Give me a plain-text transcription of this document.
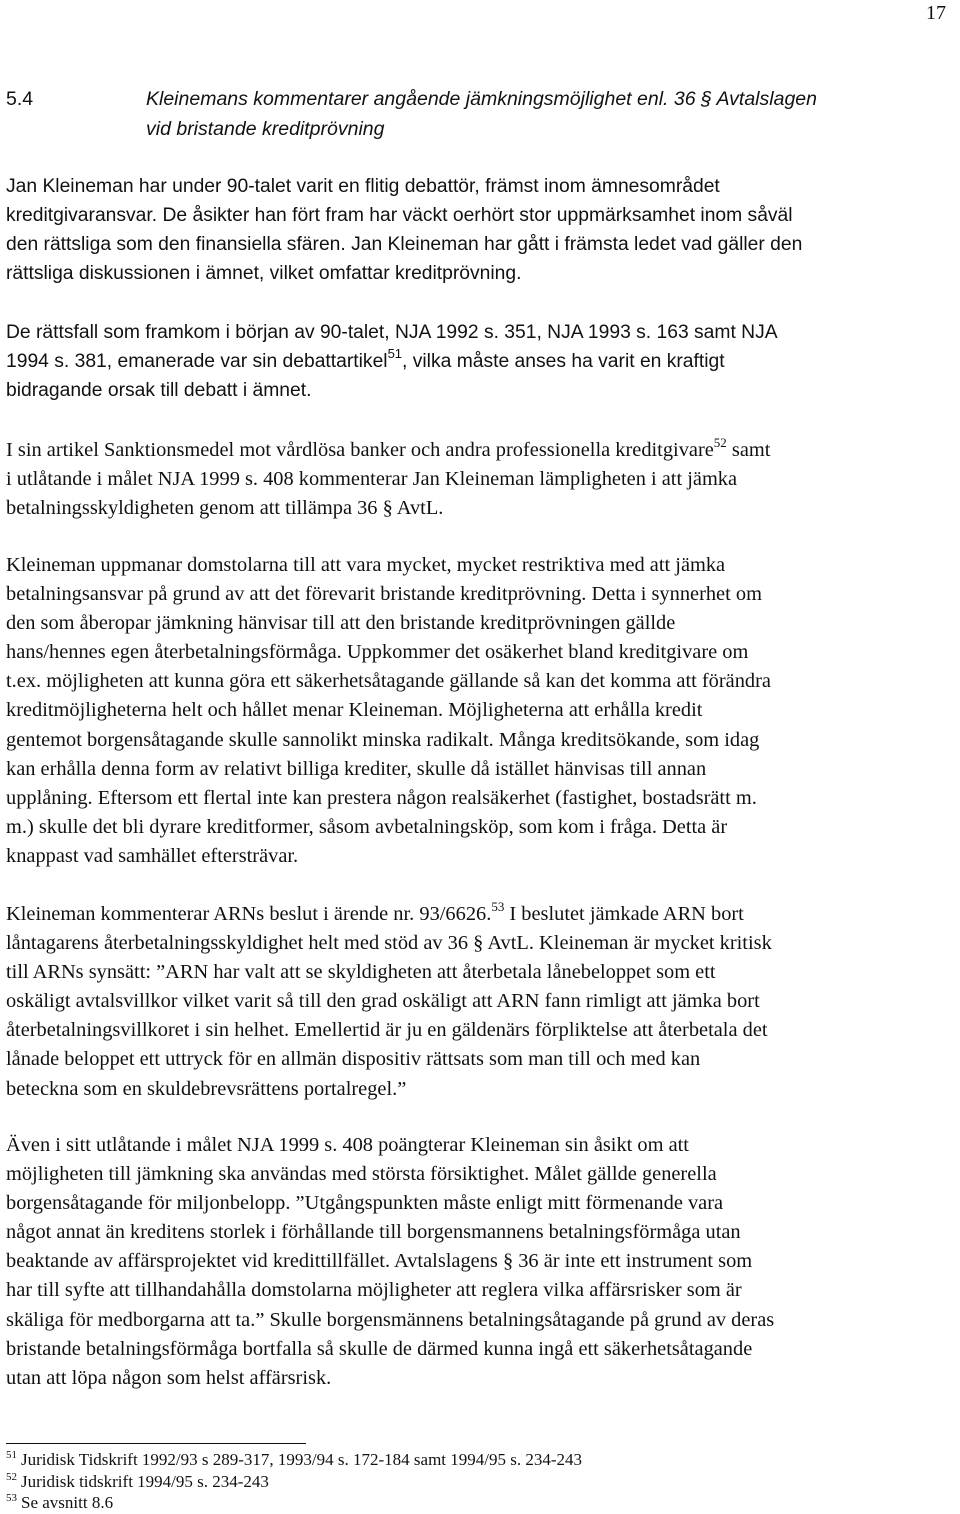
17
5.4	Kleinemans kommentarer angående jämkningsmöjlighet enl. 36 § Avtalslagen
vid bristande kreditprövning
Jan Kleineman har under 90-talet varit en flitig debattör, främst inom ämnesområdet
kreditgivaransvar. De åsikter han fört fram har väckt oerhört stor uppmärksamhet inom såväl
den rättsliga som den finansiella sfären. Jan Kleineman har gått i främsta ledet vad gäller den
rättsliga diskussionen i ämnet, vilket omfattar kreditprövning.
De rättsfall som framkom i början av 90-talet, NJA 1992 s. 351, NJA 1993 s. 163 samt NJA
1994 s. 381, emanerade var sin debattartikel$^{51}$, vilka måste anses ha varit en kraftigt
bidragande orsak till debatt i ämnet.
I sin artikel Sanktionsmedel mot vårdlösa banker och andra professionella kreditgivare$^{52}$ samt
i utlåtande i målet NJA 1999 s. 408 kommenterar Jan Kleineman lämpligheten i att jämka
betalningsskyldigheten genom att tillämpa 36 § AvtL.
Kleineman uppmanar domstolarna till att vara mycket, mycket restriktiva med att jämka
betalningsansvar på grund av att det förevarit bristande kreditprövning. Detta i synnerhet om
den som åberopar jämkning hänvisar till att den bristande kreditprövningen gällde
hans/hennes egen återbetalningsförmåga. Uppkommer det osäkerhet bland kreditgivare om
t.ex. möjligheten att kunna göra ett säkerhetsåtagande gällande så kan det komma att förändra
kreditmöjligheterna helt och hållet menar Kleineman. Möjligheterna att erhålla kredit
gentemot borgensåtagande skulle sannolikt minska radikalt. Många kreditsökande, som idag
kan erhålla denna form av relativt billiga krediter, skulle då istället hänvisas till annan
upplåning. Eftersom ett flertal inte kan prestera någon realsäkerhet (fastighet, bostadsrätt m.
m.) skulle det bli dyrare kreditformer, såsom avbetalningsköp, som kom i fråga. Detta är
knappast vad samhället eftersträvar.
Kleineman kommenterar ARNs beslut i ärende nr. 93/6626.53 I beslutet jämkade ARN bort
låntagarens återbetalningsskyldighet helt med stöd av 36 § AvtL. Kleineman är mycket kritisk
till ARNs synsätt: ”ARN har valt att se skyldigheten att återbetala lånebeloppet som ett
oskäligt avtalsvillkor vilket varit så till den grad oskäligt att ARN fann rimligt att jämka bort
återbetalningsvillkoret i sin helhet. Emellertid är ju en gäldenärs förpliktelse att återbetala det
lånade beloppet ett uttryck för en allmän dispositiv rättsats som man till och med kan
beteckna som en skuldebrevsrättens portalregel.”
Även i sitt utlåtande i målet NJA 1999 s. 408 poängterar Kleineman sin åsikt om att
möjligheten till jämkning ska användas med största försiktighet. Målet gällde generella
borgensåtagande för miljonbelopp. ”Utgångspunkten måste enligt mitt förmenande vara
något annat än kreditens storlek i förhållande till borgensmannens betalningsförmåga utan
beaktande av affärsprojektet vid kredittillfället. Avtalslagens § 36 är inte ett instrument som
har till syfte att tillhandahålla domstolarna möjligheter att reglera vilka affärsrisker som är
skäliga för medborgarna att ta.” Skulle borgensmännens betalningsåtagande på grund av deras
bristande betalningsförmåga bortfalla så skulle de därmed kunna ingå ett säkerhetsåtagande
utan att löpa någon som helst affärsrisk.
$^{51}$ Juridisk Tidskrift 1992/93 s 289-317, 1993/94 s. 172-184 samt 1994/95 s. 234-243
$^{52}$ Juridisk tidskrift 1994/95 s. 234-243
$^{53}$ Se avsnitt 8.6
